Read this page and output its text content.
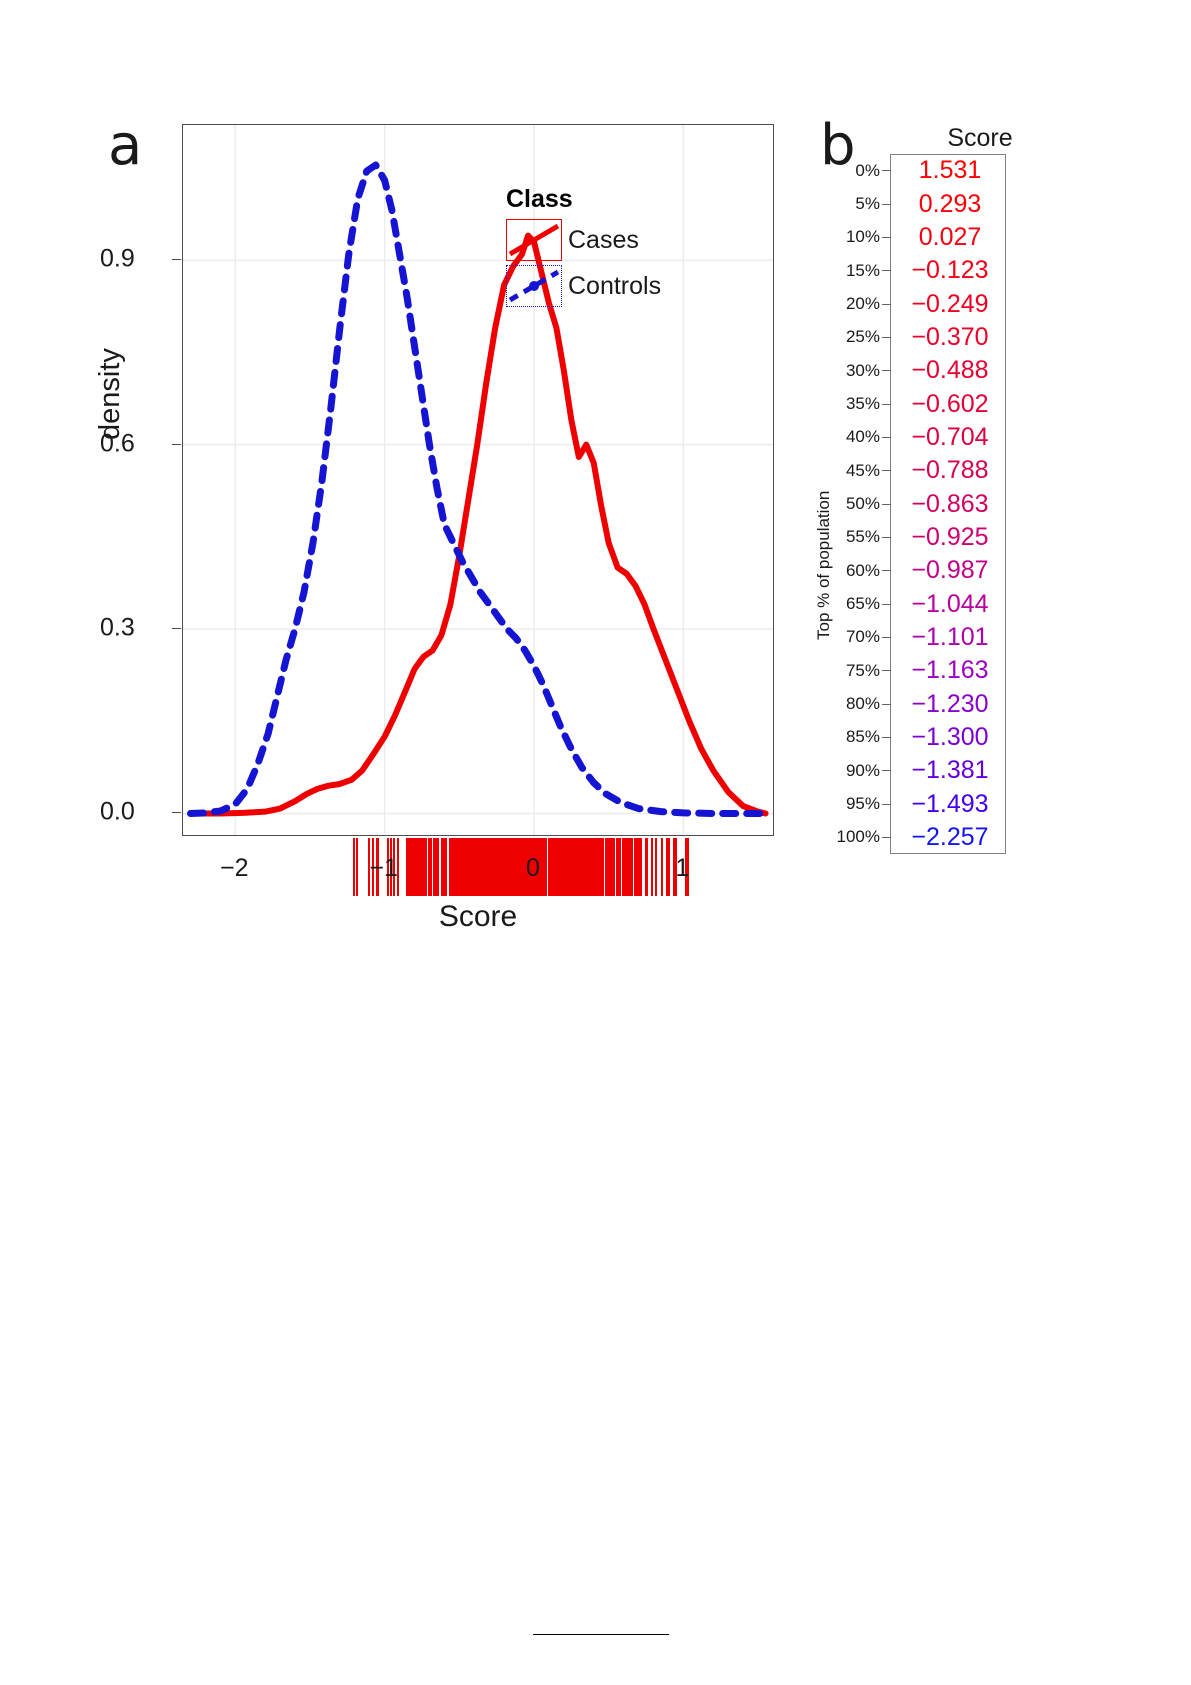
a
0.0
0.3
0.6
0.9
−2	−1	0	1
density
Score
Class
Cases
Controls
b	Score
0%	1.531
5%	0.293
10%	0.027
15%	−0.123
20%	−0.249
25%	−0.370
30%	−0.488
35%	−0.602
40%	−0.704
45%	−0.788
50%	−0.863
55%	−0.925
60%	−0.987
65%	−1.044
70%	−1.101
75%	−1.163
80%	−1.230
85%	−1.300
90%	−1.381
95%	−1.493
100%	−2.257
Top % of population
